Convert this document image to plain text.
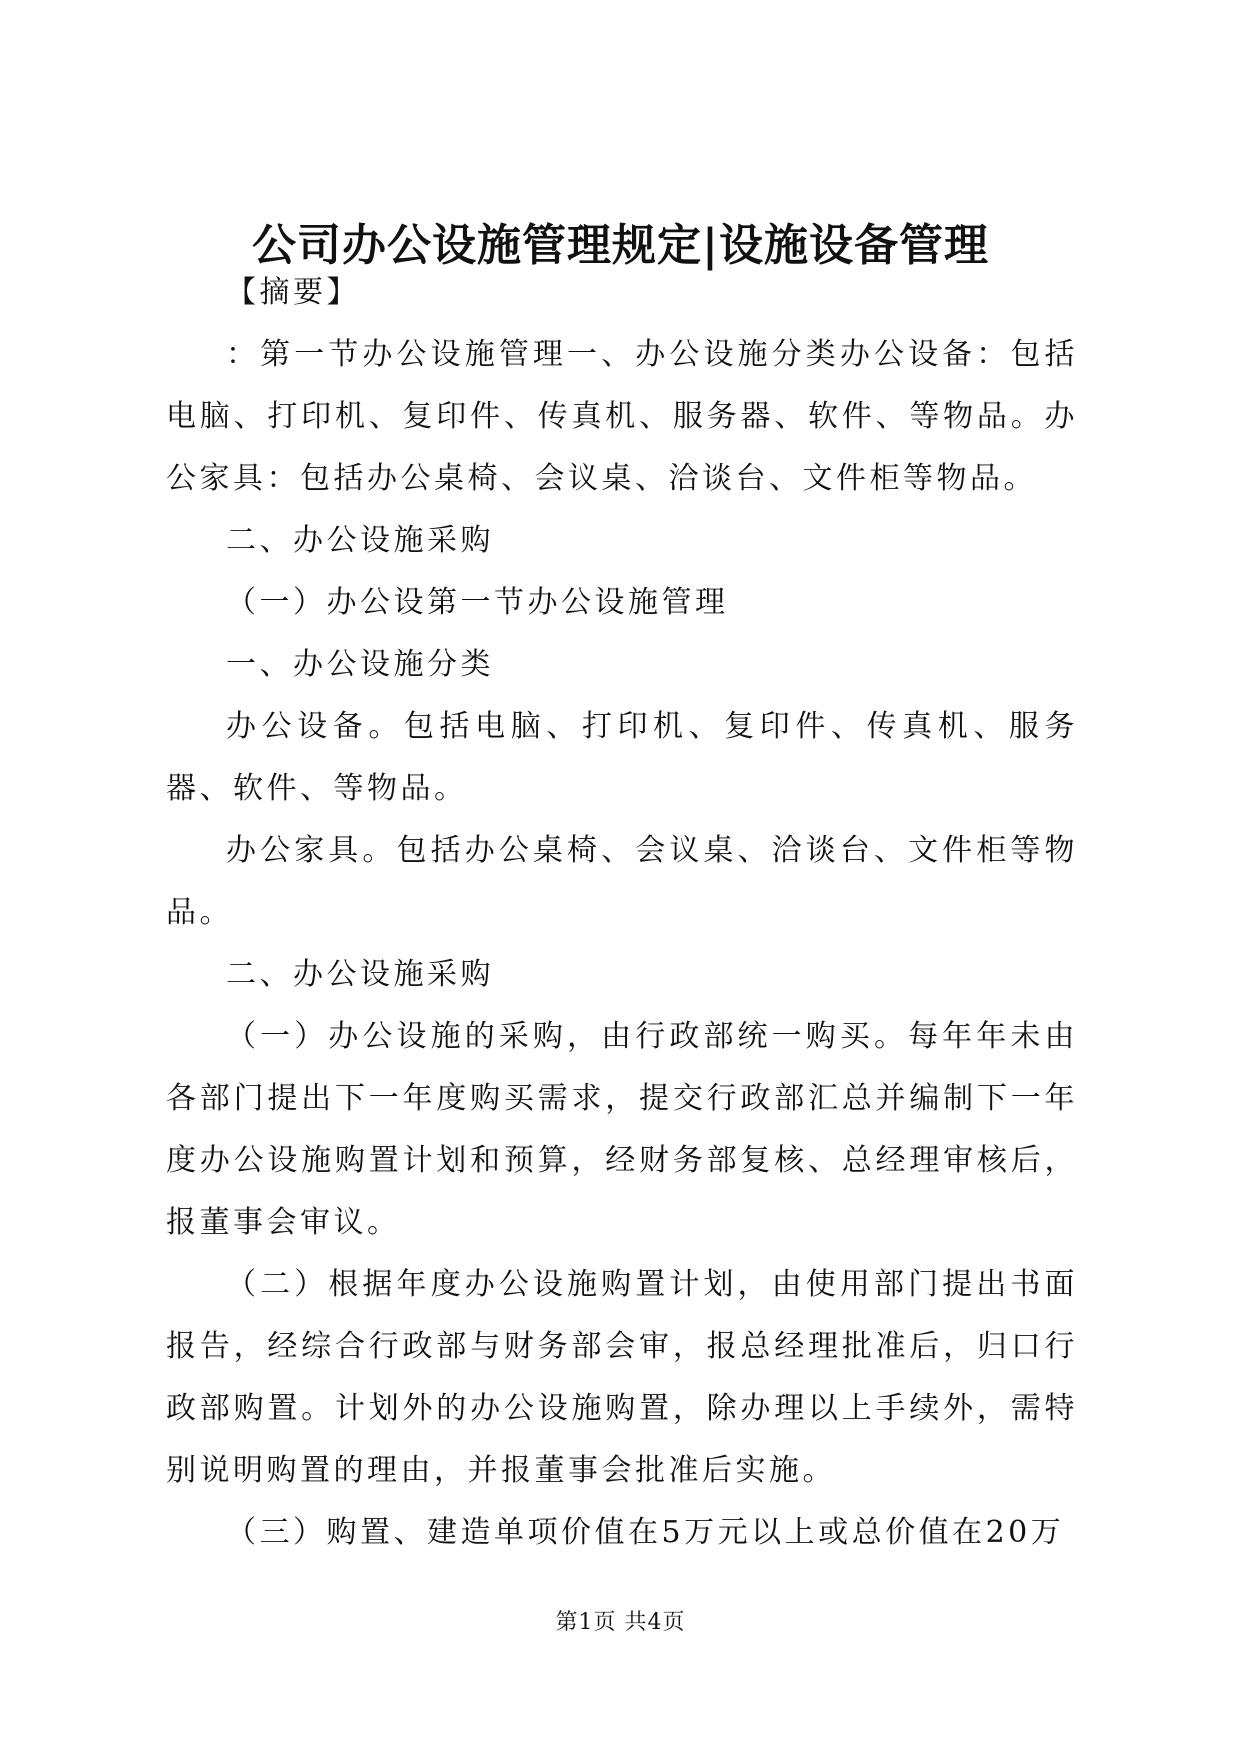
公司办公设施管理规定|设施设备管理

【摘要】

：第一节办公设施管理一、办公设施分类办公设备：包括电脑、打印机、复印件、传真机、服务器、软件、等物品。办公家具：包括办公桌椅、会议桌、洽谈台、文件柜等物品。

二、办公设施采购

（一）办公设第一节办公设施管理

一、办公设施分类

办公设备。包括电脑、打印机、复印件、传真机、服务器、软件、等物品。

办公家具。包括办公桌椅、会议桌、洽谈台、文件柜等物品。

二、办公设施采购

（一）办公设施的采购，由行政部统一购买。每年年未由各部门提出下一年度购买需求，提交行政部汇总并编制下一年度办公设施购置计划和预算，经财务部复核、总经理审核后，报董事会审议。

（二）根据年度办公设施购置计划，由使用部门提出书面报告，经综合行政部与财务部会审，报总经理批准后，归口行政部购置。计划外的办公设施购置，除办理以上手续外，需特别说明购置的理由，并报董事会批准后实施。

（三）购置、建造单项价值在5万元以上或总价值在20万

第1页 共4页
